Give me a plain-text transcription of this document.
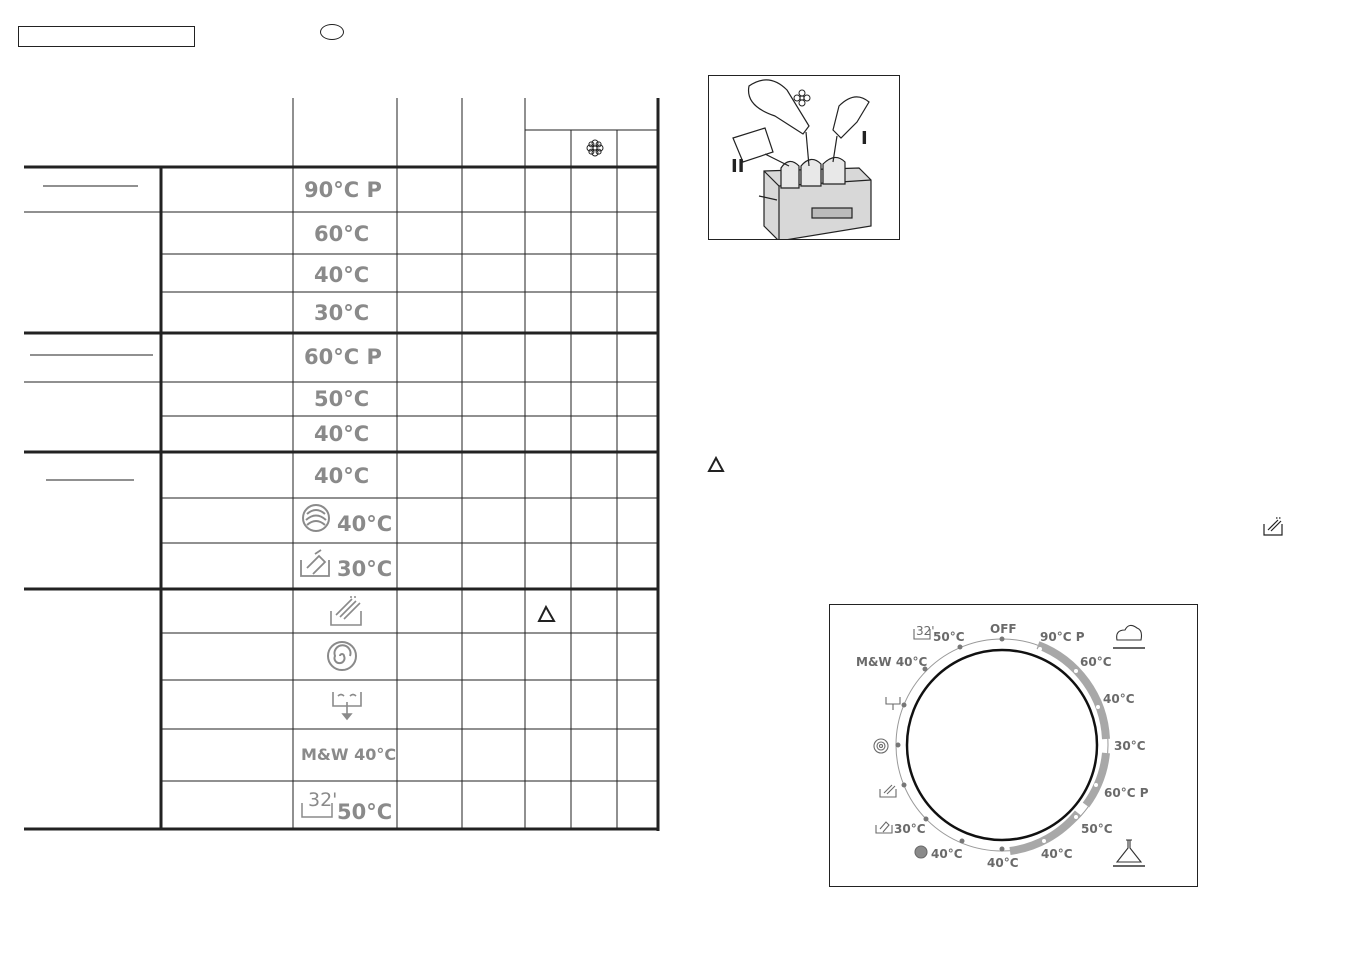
90°C P
60°C
40°C
30°C
60°C P
50°C
40°C
40°C
40°C
30°C
M&W 40°C
32' 50°C
I
II
OFF
90°C P
60°C
40°C
30°C
60°C P
50°C
40°C
40°C
40°C
30°C
M&W 40°C
50°C
32'
